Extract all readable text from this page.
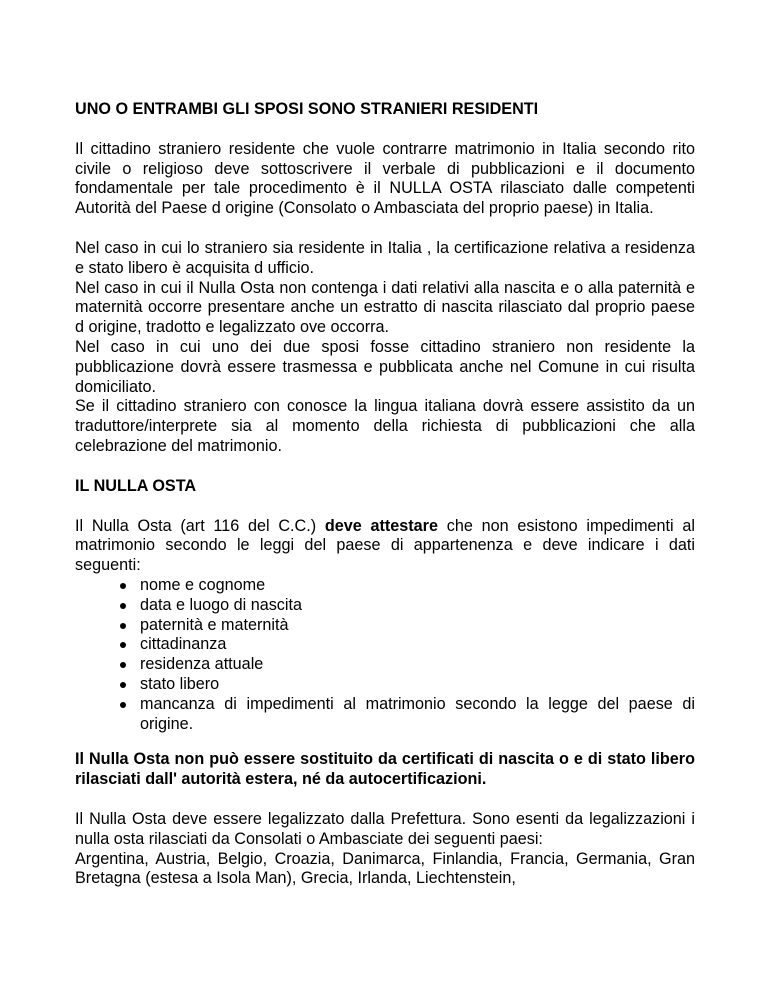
UNO O ENTRAMBI GLI SPOSI SONO STRANIERI RESIDENTI

Il cittadino straniero residente che vuole contrarre matrimonio in Italia secondo rito civile o religioso deve sottoscrivere il verbale di pubblicazioni e il documento fondamentale per tale procedimento è il NULLA OSTA rilasciato dalle competenti Autorità del Paese d origine (Consolato o Ambasciata del proprio paese) in Italia.

Nel caso in cui lo straniero sia residente in Italia , la certificazione relativa a residenza e stato libero è acquisita d ufficio.

Nel caso in cui il Nulla Osta non contenga i dati relativi alla nascita e o alla paternità e maternità occorre presentare anche un estratto di nascita rilasciato dal proprio paese d origine, tradotto e legalizzato ove occorra.

Nel caso in cui uno dei due sposi fosse cittadino straniero non residente la pubblicazione dovrà essere trasmessa e pubblicata anche nel Comune in cui risulta domiciliato.

Se il cittadino straniero con conosce la lingua italiana dovrà essere assistito da un traduttore/interprete sia al momento della richiesta di pubblicazioni che alla celebrazione del matrimonio.

IL NULLA OSTA

Il Nulla Osta (art 116 del C.C.) deve attestare che non esistono impedimenti al matrimonio secondo le leggi del paese di appartenenza e deve indicare i dati seguenti:

nome e cognome
data e luogo di nascita
paternità e maternità
cittadinanza
residenza attuale
stato libero
mancanza di impedimenti al matrimonio secondo la legge del paese di origine.

Il Nulla Osta non può essere sostituito da certificati di nascita o e di stato libero rilasciati dall' autorità estera, né da autocertificazioni.

Il Nulla Osta deve essere legalizzato dalla Prefettura. Sono esenti da legalizzazioni i nulla osta rilasciati da Consolati o Ambasciate dei seguenti paesi:

Argentina, Austria, Belgio, Croazia, Danimarca, Finlandia, Francia, Germania, Gran Bretagna (estesa a Isola Man), Grecia, Irlanda, Liechtenstein,
